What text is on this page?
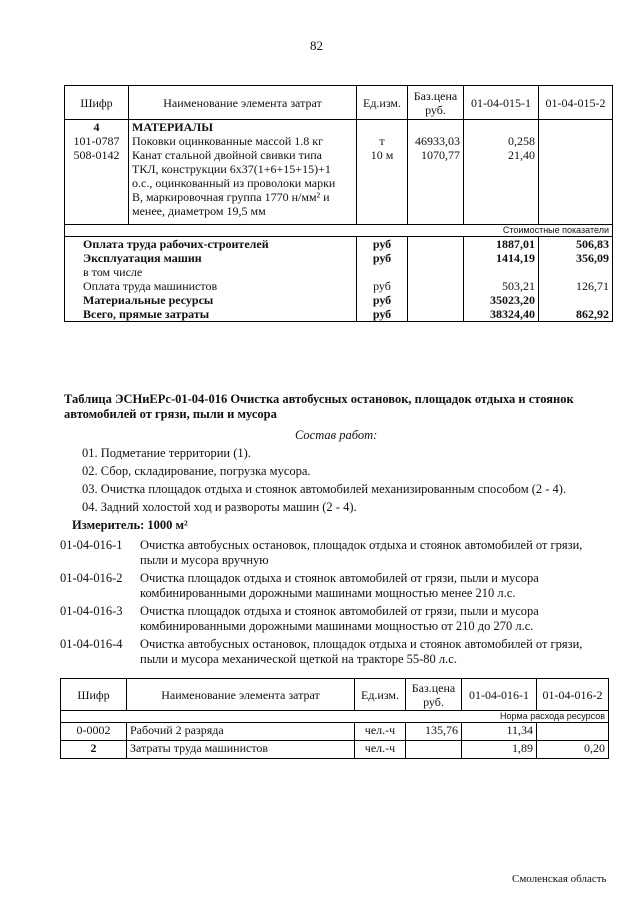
82
Шифр	Наименование элемента затрат	Ед.изм.	Баз.цена руб.	01-04-015-1	01-04-015-2
4	МАТЕРИАЛЫ				
101-0787	Поковки оцинкованные массой 1.8 кг	т	46933,03	0,258	
508-0142	Канат стальной двойной свивки типа
ТКЛ, конструкции 6х37(1+6+15+15)+1
о.с., оцинкованный из проволоки марки
В, маркировочная группа 1770 н/мм² и
менее, диаметром 19,5 мм	10 м	1070,77	21,40	
Стоимостные показатели					
Оплата труда рабочих-строителей		руб		1887,01	506,83
Эксплуатация машин		руб		1414,19	356,09
в том числе					
Оплата труда машинистов		руб		503,21	126,71
Материальные ресурсы		руб		35023,20	
Всего, прямые затраты		руб		38324,40	862,92
Таблица ЭСНиЕРс-01-04-016 Очистка автобусных остановок, площадок отдыха и стоянок
автомобилей от грязи, пыли и мусора
Состав работ:
01. Подметание территории (1).
02. Сбор, складирование, погрузка мусора.
03. Очистка площадок отдыха и стоянок автомобилей механизированным способом (2 - 4).
04. Задний холостой ход и развороты машин (2 - 4).
Измеритель: 1000 м²
01-04-016-1 Очистка автобусных остановок, площадок отдыха и стоянок автомобилей от грязи,
пыли и мусора вручную
01-04-016-2 Очистка площадок отдыха и стоянок автомобилей от грязи, пыли и мусора
комбинированными дорожными машинами мощностью менее 210 л.с.
01-04-016-3 Очистка площадок отдыха и стоянок автомобилей от грязи, пыли и мусора
комбинированными дорожными машинами мощностью от 210 до 270 л.с.
01-04-016-4 Очистка автобусных остановок, площадок отдыха и стоянок автомобилей от грязи,
пыли и мусора механической щеткой на тракторе 55-80 л.с.
Шифр	Наименование элемента затрат	Ед.изм.	Баз.цена руб.	01-04-016-1	01-04-016-2
Норма расхода ресурсов					
0-0002	Рабочий 2 разряда	чел.-ч	135,76	11,34	
2	Затраты труда машинистов	чел.-ч		1,89	0,20
Смоленская область
